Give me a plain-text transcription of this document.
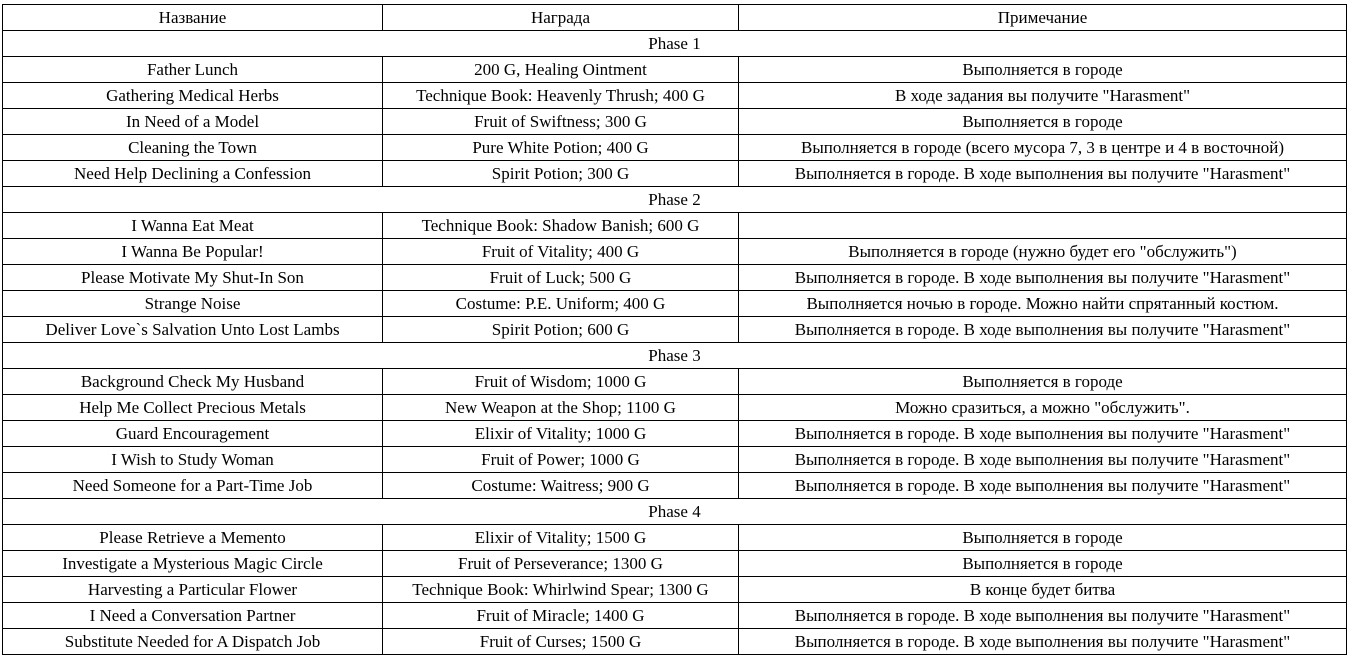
Название	Награда	Примечание
Phase 1		
Father Lunch	200 G, Healing Ointment	Выполняется в городе
Gathering Medical Herbs	Technique Book: Heavenly Thrush; 400 G	В ходе задания вы получите "Harasment"
In Need of a Model	Fruit of Swiftness; 300 G	Выполняется в городе
Cleaning the Town	Pure White Potion; 400 G	Выполняется в городе (всего мусора 7, 3 в центре и 4 в восточной)
Need Help Declining a Confession	Spirit Potion; 300 G	Выполняется в городе. В ходе выполнения вы получите "Harasment"
Phase 2		
I Wanna Eat Meat	Technique Book: Shadow Banish; 600 G	
I Wanna Be Popular!	Fruit of Vitality; 400 G	Выполняется в городе (нужно будет его "обслужить")
Please Motivate My Shut-In Son	Fruit of Luck; 500 G	Выполняется в городе. В ходе выполнения вы получите "Harasment"
Strange Noise	Costume: P.E. Uniform; 400 G	Выполняется ночью в городе. Можно найти спрятанный костюм.
Deliver Love`s Salvation Unto Lost Lambs	Spirit Potion; 600 G	Выполняется в городе. В ходе выполнения вы получите "Harasment"
Phase 3		
Background Check My Husband	Fruit of Wisdom; 1000 G	Выполняется в городе
Help Me Collect Precious Metals	New Weapon at the Shop; 1100 G	Можно сразиться, а можно "обслужить".
Guard Encouragement	Elixir of Vitality; 1000 G	Выполняется в городе. В ходе выполнения вы получите "Harasment"
I Wish to Study Woman	Fruit of Power; 1000 G	Выполняется в городе. В ходе выполнения вы получите "Harasment"
Need Someone for a Part-Time Job	Costume: Waitress; 900 G	Выполняется в городе. В ходе выполнения вы получите "Harasment"
Phase 4		
Please Retrieve a Memento	Elixir of Vitality; 1500 G	Выполняется в городе
Investigate a Mysterious Magic Circle	Fruit of Perseverance; 1300 G	Выполняется в городе
Harvesting a Particular Flower	Technique Book: Whirlwind Spear; 1300 G	В конце будет битва
I Need a Conversation Partner	Fruit of Miracle; 1400 G	Выполняется в городе. В ходе выполнения вы получите "Harasment"
Substitute Needed for A Dispatch Job	Fruit of Curses; 1500 G	Выполняется в городе. В ходе выполнения вы получите "Harasment"
